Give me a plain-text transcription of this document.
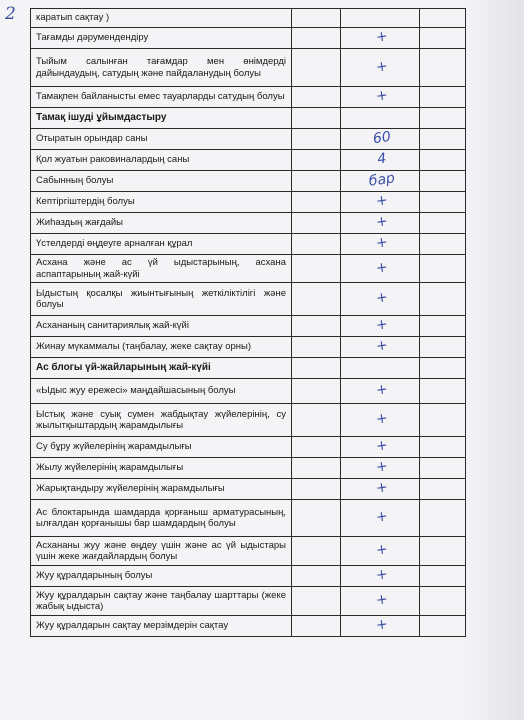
2 каратып сақтау )		

Тағамды дәрумендендіру		+	

Тыйым салынған тағамдар мен өнімдерді дайындаудың, сатудың және пайдаланудың болуы		+	

Тамақпен байланысты емес тауарларды сатудың болуы		+	

Тамақ ішуді ұйымдастыру			
Отыратын орындар саны		60	

Қол жуатын раковиналардың саны		4	

Сабынның болуы		бар	

Кептіргіштердің болуы		+	

Жиһаздың жағдайы		+	

Үстелдерді өңдеуге арналған құрал		+	

Асхана және ас үй ыдыстарының, асхана аспаптарының жай-күйі		+	

Ыдыстың қосалқы жиынтығының жеткіліктілігі және болуы		+	

Асхананың санитариялық жай-күйі		+	

Жинау мүкаммалы (таңбалау, жеке сақтау орны)		+	

Ас блогы үй-жайларының жай-күйі			
«Ыдыс жуу ережесі» маңдайшасының болуы		+	

Ыстық және суық сумен жабдықтау жүйелерінің, су жылытқыштардың жарамдылығы		+	

Су бұру жүйелерінің жарамдылығы		+	

Жылу жүйелерінің жарамдылығы		+	

Жарықтандыру жүйелерінің жарамдылығы		+	

Ас блоктарында шамдарда қорғаныш арматурасының, ылғалдан қорғанышы бар шамдардың болуы		+	

Асхананы жуу және өңдеу үшін және ас үй ыдыстары үшін жеке жағдайлардың болуы		+	

Жуу құралдарының болуы		+	

Жуу құралдарын сақтау және таңбалау шарттары (жеке жабық ыдыста)		+	

Жуу құралдарын сақтау мерзімдерін сақтау		+	
